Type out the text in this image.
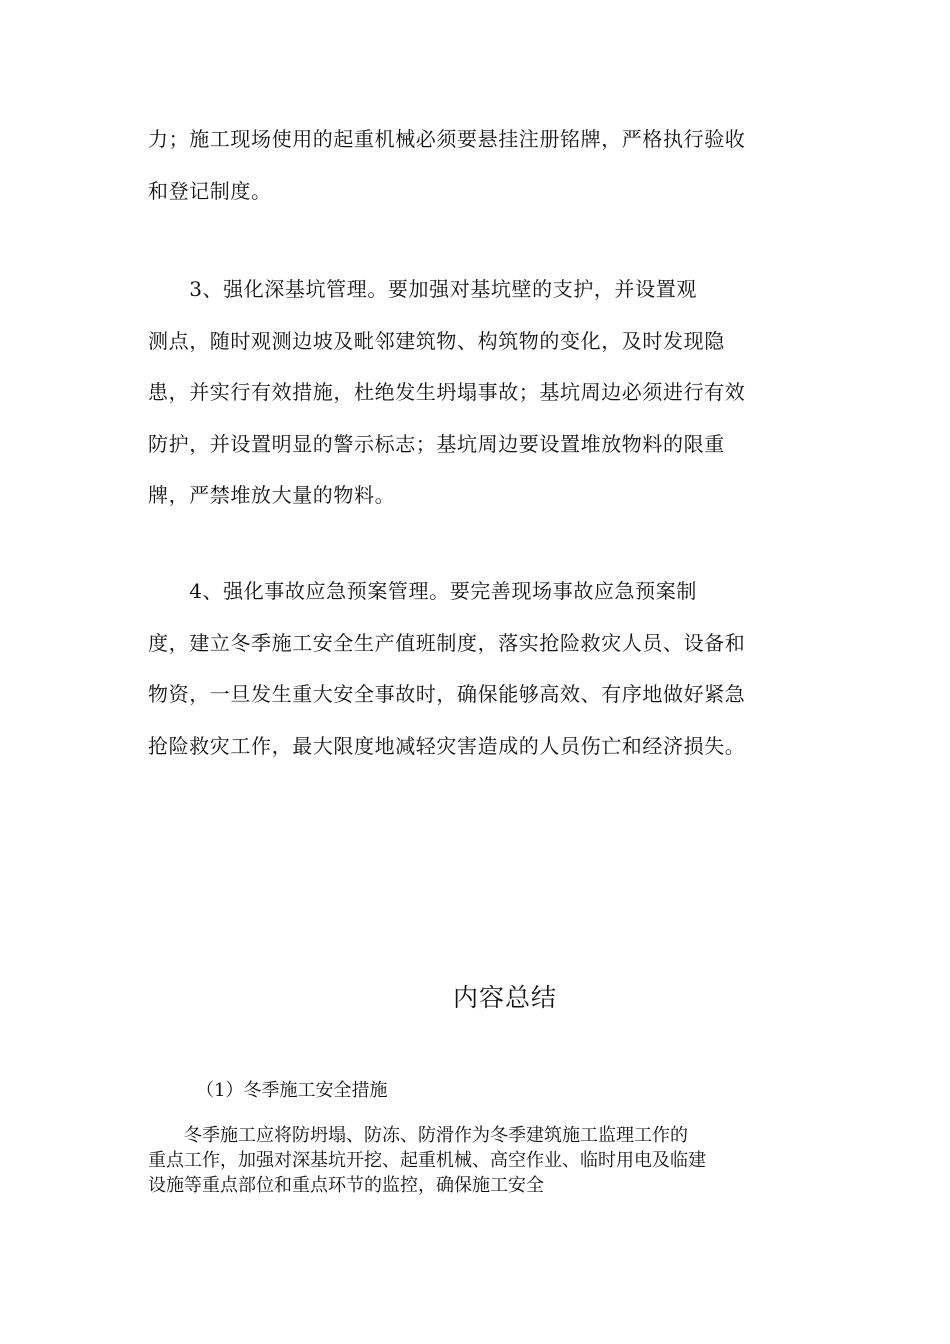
力；施工现场使用的起重机械必须要悬挂注册铭牌，严格执行验收
和登记制度。
　　3、强化深基坑管理。要加强对基坑壁的支护，并设置观
测点，随时观测边坡及毗邻建筑物、构筑物的变化，及时发现隐
患，并实行有效措施，杜绝发生坍塌事故；基坑周边必须进行有效
防护，并设置明显的警示标志；基坑周边要设置堆放物料的限重
牌，严禁堆放大量的物料。
　　4、强化事故应急预案管理。要完善现场事故应急预案制
度，建立冬季施工安全生产值班制度，落实抢险救灾人员、设备和
物资，一旦发生重大安全事故时，确保能够高效、有序地做好紧急
抢险救灾工作，最大限度地减轻灾害造成的人员伤亡和经济损失。
内容总结
（1）冬季施工安全措施
　　冬季施工应将防坍塌、防冻、防滑作为冬季建筑施工监理工作的
重点工作，加强对深基坑开挖、起重机械、高空作业、临时用电及临建
设施等重点部位和重点环节的监控，确保施工安全
